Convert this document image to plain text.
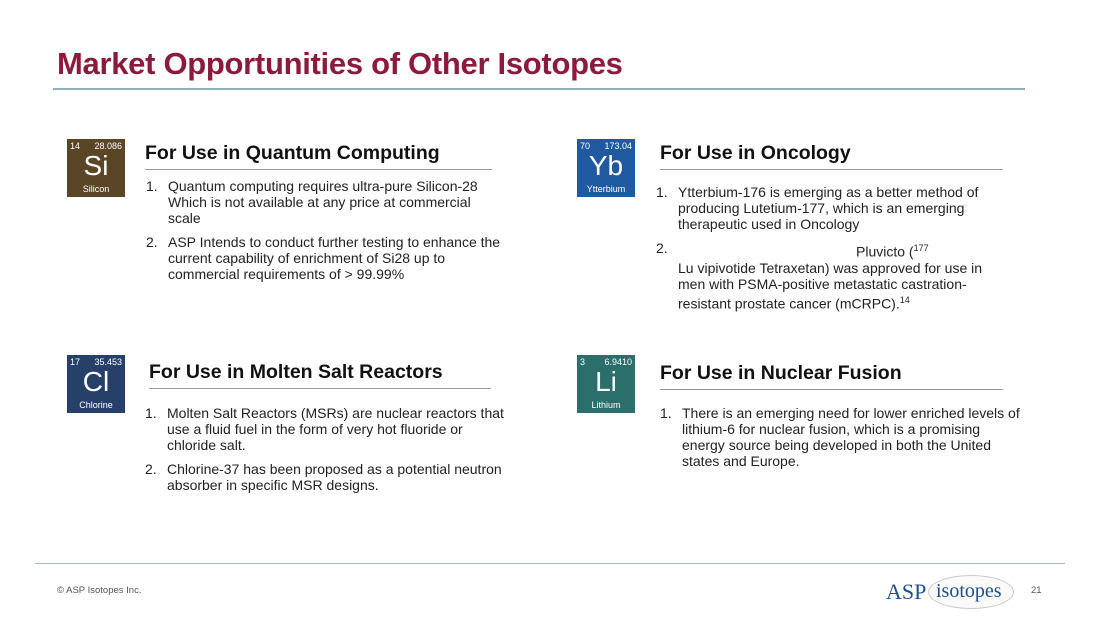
Market Opportunities of Other Isotopes
14 28.086
Si
Silicon
For Use in Quantum Computing
1. Quantum computing requires ultra-pure Silicon-28 Which is not available at any price at commercial scale
2. ASP Intends to conduct further testing to enhance the current capability of enrichment of Si28 up to commercial requirements of > 99.99%
70 173.04
Yb
Ytterbium
For Use in Oncology
1. Ytterbium-176 is emerging as a better method of producing Lutetium-177, which is an emerging therapeutic used in Oncology
2.	Pluvicto ($^{177}$
Lu vipivotide Tetraxetan) was approved for use in men with PSMA-positive metastatic castration-resistant prostate cancer (mCRPC).$^{14}$
17 35.453
Cl
Chlorine
For Use in Molten Salt Reactors
1. Molten Salt Reactors (MSRs) are nuclear reactors that use a fluid fuel in the form of very hot fluoride or chloride salt.
2. Chlorine-37 has been proposed as a potential neutron absorber in specific MSR designs.
3 6.9410
Li
Lithium
For Use in Nuclear Fusion
1. There is an emerging need for lower enriched levels of lithium-6 for nuclear fusion, which is a promising energy source being developed in both the United states and Europe.
© ASP Isotopes Inc.	ASP isotopes	21
